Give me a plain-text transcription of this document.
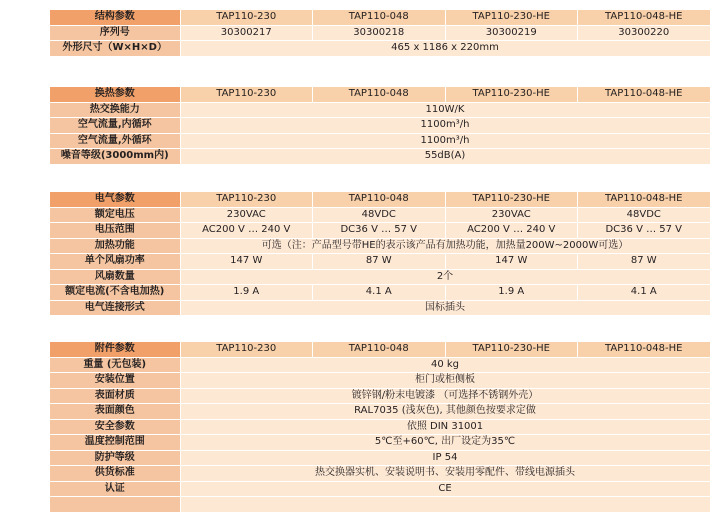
结构参数	TAP110-230	TAP110-048	TAP110-230-HE	TAP110-048-HE
序列号	30300217	30300218	30300219	30300220
外形尺寸（W×H×D）	465 x 1186 x 220mm			
换热参数	TAP110-230	TAP110-048	TAP110-230-HE	TAP110-048-HE
热交换能力	110W/K			
空气流量,内循环	1100m³/h			
空气流量,外循环	1100m³/h			
噪音等级(3000mm内)	55dB(A)			
电气参数	TAP110-230	TAP110-048	TAP110-230-HE	TAP110-048-HE
额定电压	230VAC	48VDC	230VAC	48VDC
电压范围	AC200 V … 240 V	DC36 V … 57 V	AC200 V … 240 V	DC36 V … 57 V
加热功能	可选（注：产品型号带HE的表示该产品有加热功能，加热量200W~2000W可选）			
单个风扇功率	147 W	87 W	147 W	87 W
风扇数量	2个			
额定电流(不含电加热)	1.9 A	4.1 A	1.9 A	4.1 A
电气连接形式	国标插头			
附件参数	TAP110-230	TAP110-048	TAP110-230-HE	TAP110-048-HE
重量 (无包装)	40 kg			
安装位置	柜门或柜侧板			
表面材质	镀锌钢/粉末电镀漆 （可选择不锈钢外壳）			
表面颜色	RAL7035 (浅灰色), 其他颜色按要求定做			
安全参数	依照 DIN 31001			
温度控制范围	5℃至+60℃, 出厂设定为35℃			
防护等级	IP 54			
供货标准	热交换器实机、安装说明书、安装用零配件、带线电源插头			
认证	CE			
